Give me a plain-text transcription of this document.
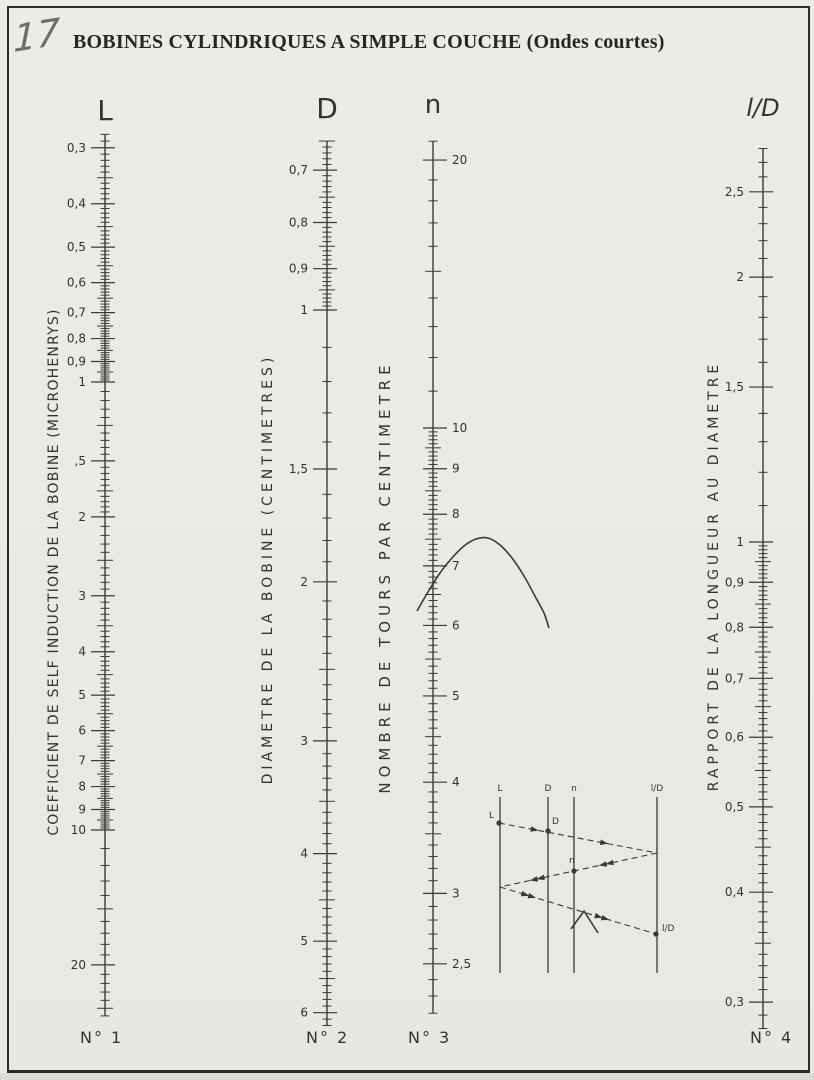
17 BOBINES CYLINDRIQUES A SIMPLE COUCHE (Ondes courtes)
0,3
0,4
0,5
0,6
0,7
0,8
0,9
1
,5
2
3
4
5
6
7
8
9
10
20
0,7
0,8
0,9
1
1,5
2
3
4
5
6
20
10
9
8
7
6
5
4
3
2,5
2,5
2
1,5
1
0,9
0,8
0,7
0,6
0,5
0,4
0,3
L	D n	l/D
L
D
n
l/D
L	D	n	l/D
COEFFICIENT DE SELF INDUCTION DE LA BOBINE (MICROHENRYS)	DIAMETRE DE LA BOBINE (CENTIMETRES)	NOMBRE DE TOURS PAR CENTIMETRE	RAPPORT DE LA LONGUEUR AU DIAMETRE
N° 1	N° 2	N° 3	N° 4
